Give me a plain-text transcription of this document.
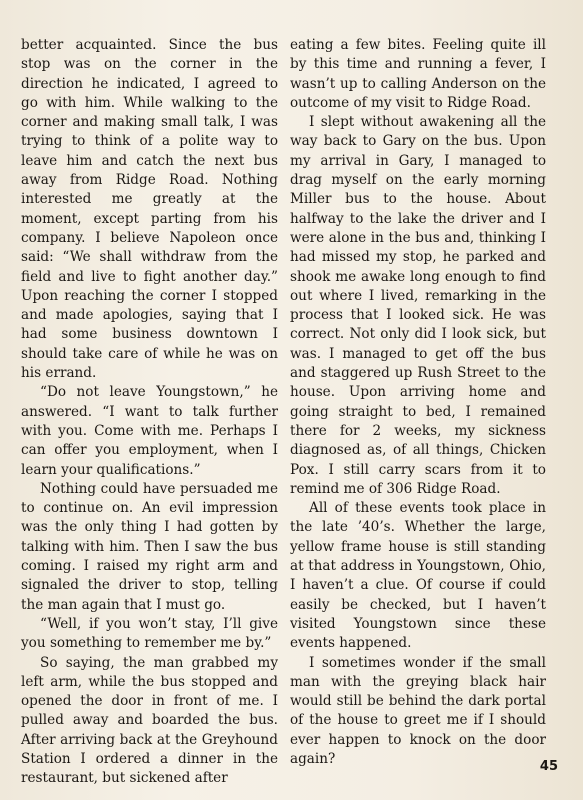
better acquainted. Since the bus stop was on the corner in the direction he indicated, I agreed to go with him. While walking to the corner and making small talk, I was trying to think of a polite way to leave him and catch the next bus away from Ridge Road. Nothing interested me greatly at the moment, except parting from his company. I believe Napoleon once said: “We shall withdraw from the field and live to fight another day.” Upon reaching the corner I stopped and made apologies, saying that I had some business downtown I should take care of while he was on his errand.

“Do not leave Youngstown,” he answered. “I want to talk further with you. Come with me. Perhaps I can offer you employment, when I learn your qualifications.”

Nothing could have persuaded me to continue on. An evil impression was the only thing I had gotten by talking with him. Then I saw the bus coming. I raised my right arm and signaled the driver to stop, telling the man again that I must go.

“Well, if you won’t stay, I’ll give you something to remember me by.”

So saying, the man grabbed my left arm, while the bus stopped and opened the door in front of me. I pulled away and boarded the bus. After arriving back at the Greyhound Station I ordered a dinner in the restaurant, but sickened after

eating a few bites. Feeling quite ill by this time and running a fever, I wasn’t up to calling Anderson on the outcome of my visit to Ridge Road.

I slept without awakening all the way back to Gary on the bus. Upon my arrival in Gary, I managed to drag myself on the early morning Miller bus to the house. About halfway to the lake the driver and I were alone in the bus and, thinking I had missed my stop, he parked and shook me awake long enough to find out where I lived, remarking in the process that I looked sick. He was correct. Not only did I look sick, but was. I managed to get off the bus and staggered up Rush Street to the house. Upon arriving home and going straight to bed, I remained there for 2 weeks, my sickness diagnosed as, of all things, Chicken Pox. I still carry scars from it to remind me of 306 Ridge Road.

All of these events took place in the late ’40’s. Whether the large, yellow frame house is still standing at that address in Youngstown, Ohio, I haven’t a clue. Of course if could easily be checked, but I haven’t visited Youngstown since these events happened.

I sometimes wonder if the small man with the greying black hair would still be behind the dark portal of the house to greet me if I should ever happen to knock on the door again?	45
